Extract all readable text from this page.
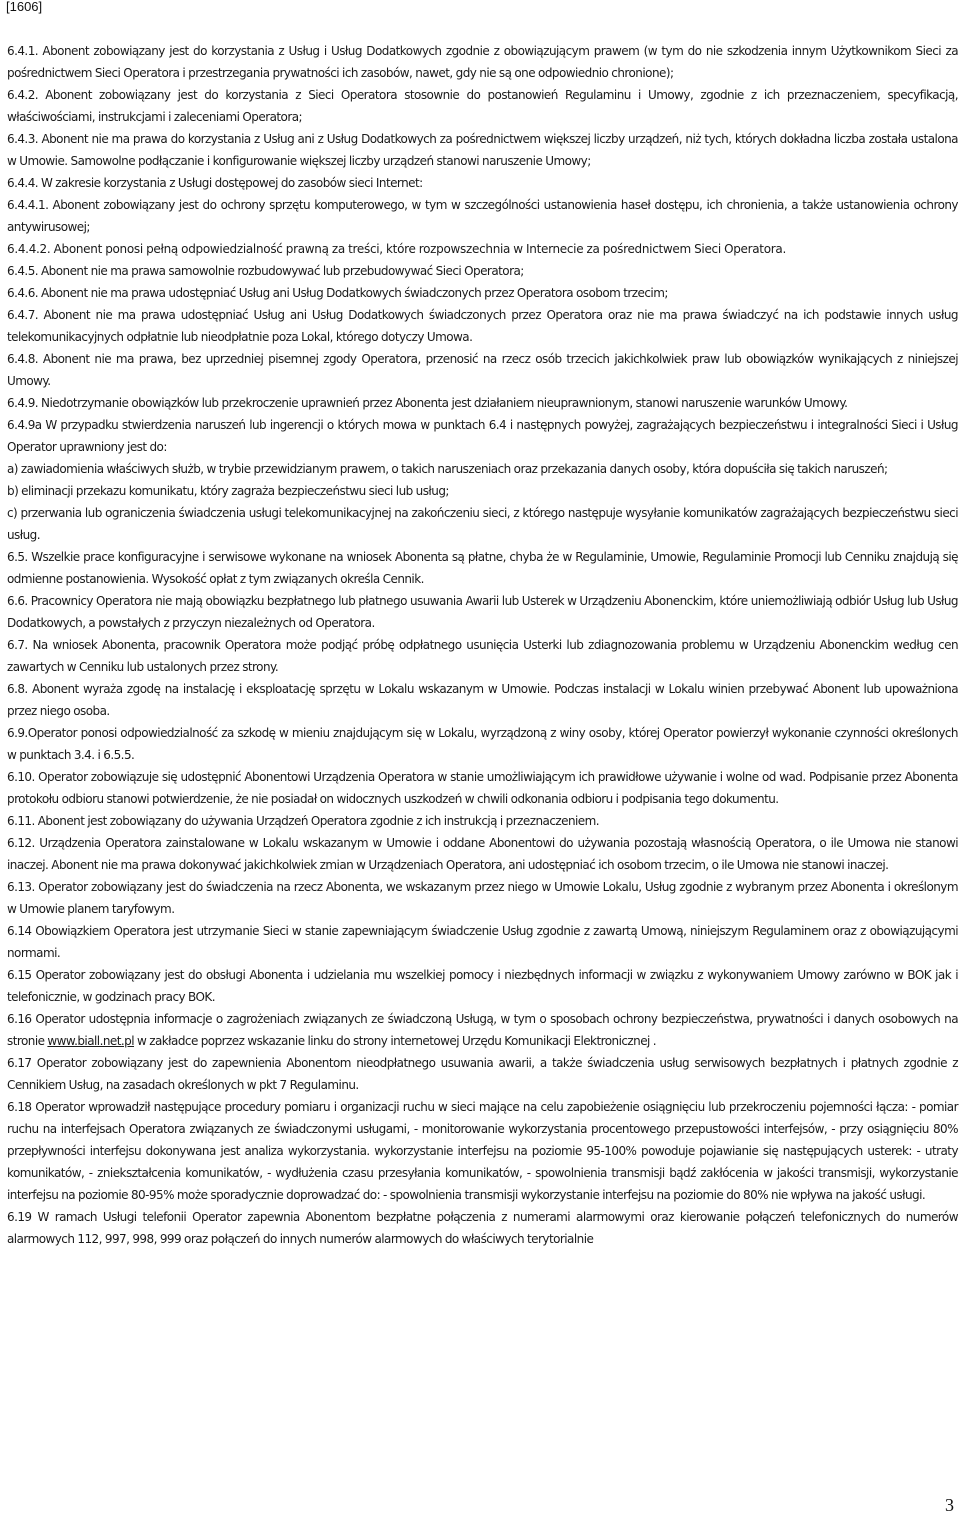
[1606]

6.4.1. Abonent zobowiązany jest do korzystania z Usług i Usług Dodatkowych zgodnie z obowiązującym prawem (w tym do nie szkodzenia innym Użytkownikom Sieci za pośrednictwem Sieci Operatora i przestrzegania prywatności ich zasobów, nawet, gdy nie są one odpowiednio chronione);

6.4.2. Abonent zobowiązany jest do korzystania z Sieci Operatora stosownie do postanowień Regulaminu i Umowy, zgodnie z ich przeznaczeniem, specyfikacją, właściwościami, instrukcjami i zaleceniami Operatora;

6.4.3. Abonent nie ma prawa do korzystania z Usług ani z Usług Dodatkowych za pośrednictwem większej liczby urządzeń, niż tych, których dokładna liczba została ustalona w Umowie. Samowolne podłączanie i konfigurowanie większej liczby urządzeń stanowi naruszenie Umowy;

6.4.4. W zakresie korzystania z Usługi dostępowej do zasobów sieci Internet:

6.4.4.1. Abonent zobowiązany jest do ochrony sprzętu komputerowego, w tym w szczególności ustanowienia haseł dostępu, ich chronienia, a także ustanowienia ochrony antywirusowej;

6.4.4.2. Abonent ponosi pełną odpowiedzialność prawną za treści, które rozpowszechnia w Internecie za pośrednictwem Sieci Operatora.

6.4.5. Abonent nie ma prawa samowolnie rozbudowywać lub przebudowywać Sieci Operatora;

6.4.6. Abonent nie ma prawa udostępniać Usług ani Usług Dodatkowych świadczonych przez Operatora osobom trzecim;

6.4.7. Abonent nie ma prawa udostępniać Usług ani Usług Dodatkowych świadczonych przez Operatora oraz nie ma prawa świadczyć na ich podstawie innych usług telekomunikacyjnych odpłatnie lub nieodpłatnie poza Lokal, którego dotyczy Umowa.

6.4.8. Abonent nie ma prawa, bez uprzedniej pisemnej zgody Operatora, przenosić na rzecz osób trzecich jakichkolwiek praw lub obowiązków wynikających z niniejszej Umowy.

6.4.9. Niedotrzymanie obowiązków lub przekroczenie uprawnień przez Abonenta jest działaniem nieuprawnionym, stanowi naruszenie warunków Umowy.

6.4.9a W przypadku stwierdzenia naruszeń lub ingerencji o których mowa w punktach 6.4 i następnych powyżej, zagrażających bezpieczeństwu i integralności Sieci i Usług Operator uprawniony jest do:

a) zawiadomienia właściwych służb, w trybie przewidzianym prawem, o takich naruszeniach oraz przekazania danych osoby, która dopuściła się takich naruszeń;

b) eliminacji przekazu komunikatu, który zagraża bezpieczeństwu sieci lub usług;

c) przerwania lub ograniczenia świadczenia usługi telekomunikacyjnej na zakończeniu sieci, z którego następuje wysyłanie komunikatów zagrażających bezpieczeństwu sieci usług.

6.5. Wszelkie prace konfiguracyjne i serwisowe wykonane na wniosek Abonenta są płatne, chyba że w Regulaminie, Umowie, Regulaminie Promocji lub Cenniku znajdują się odmienne postanowienia. Wysokość opłat z tym związanych określa Cennik.

6.6. Pracownicy Operatora nie mają obowiązku bezpłatnego lub płatnego usuwania Awarii lub Usterek w Urządzeniu Abonenckim, które uniemożliwiają odbiór Usług lub Usług Dodatkowych, a powstałych z przyczyn niezależnych od Operatora.

6.7. Na wniosek Abonenta, pracownik Operatora może podjąć próbę odpłatnego usunięcia Usterki lub zdiagnozowania problemu w Urządzeniu Abonenckim według cen zawartych w Cenniku lub ustalonych przez strony.

6.8. Abonent wyraża zgodę na instalację i eksploatację sprzętu w Lokalu wskazanym w Umowie. Podczas instalacji w Lokalu winien przebywać Abonent lub upoważniona przez niego osoba.

6.9.Operator ponosi odpowiedzialność za szkodę w mieniu znajdującym się w Lokalu, wyrządzoną z winy osoby, której Operator powierzył wykonanie czynności określonych w punktach 3.4. i 6.5.5.

6.10. Operator zobowiązuje się udostępnić Abonentowi Urządzenia Operatora w stanie umożliwiającym ich prawidłowe używanie i wolne od wad. Podpisanie przez Abonenta protokołu odbioru stanowi potwierdzenie, że nie posiadał on widocznych uszkodzeń w chwili odkonania odbioru i podpisania tego dokumentu.

6.11. Abonent jest zobowiązany do używania Urządzeń Operatora zgodnie z ich instrukcją i przeznaczeniem.

6.12. Urządzenia Operatora zainstalowane w Lokalu wskazanym w Umowie i oddane Abonentowi do używania pozostają własnością Operatora, o ile Umowa nie stanowi inaczej. Abonent nie ma prawa dokonywać jakichkolwiek zmian w Urządzeniach Operatora, ani udostępniać ich osobom trzecim, o ile Umowa nie stanowi inaczej.

6.13. Operator zobowiązany jest do świadczenia na rzecz Abonenta, we wskazanym przez niego w Umowie Lokalu, Usług zgodnie z wybranym przez Abonenta i określonym w Umowie planem taryfowym.

6.14 Obowiązkiem Operatora jest utrzymanie Sieci w stanie zapewniającym świadczenie Usług zgodnie z zawartą Umową, niniejszym Regulaminem oraz z obowiązującymi normami.

6.15 Operator zobowiązany jest do obsługi Abonenta i udzielania mu wszelkiej pomocy i niezbędnych informacji w związku z wykonywaniem Umowy zarówno w BOK jak i telefonicznie, w godzinach pracy BOK.

6.16 Operator udostępnia informacje o zagrożeniach związanych ze świadczoną Usługą, w tym o sposobach ochrony bezpieczeństwa, prywatności i danych osobowych na stronie www.biall.net.pl w zakładce poprzez wskazanie linku do strony internetowej Urzędu Komunikacji Elektronicznej .

6.17 Operator zobowiązany jest do zapewnienia Abonentom nieodpłatnego usuwania awarii, a także świadczenia usług serwisowych bezpłatnych i płatnych zgodnie z Cennikiem Usług, na zasadach określonych w pkt 7 Regulaminu.

6.18 Operator wprowadził następujące procedury pomiaru i organizacji ruchu w sieci mające na celu zapobieżenie osiągnięciu lub przekroczeniu pojemności łącza: - pomiar ruchu na interfejsach Operatora związanych ze świadczonymi usługami, - monitorowanie wykorzystania procentowego przepustowości interfejsów, - przy osiągnięciu 80% przepływności interfejsu dokonywana jest analiza wykorzystania. wykorzystanie interfejsu na poziomie 95-100% powoduje pojawianie się następujących usterek: - utraty komunikatów, - zniekształcenia komunikatów, - wydłużenia czasu przesyłania komunikatów, - spowolnienia transmisji bądź zakłócenia w jakości transmisji, wykorzystanie interfejsu na poziomie 80-95% może sporadycznie doprowadzać do: - spowolnienia transmisji wykorzystanie interfejsu na poziomie do 80% nie wpływa na jakość usługi.

6.19 W ramach Usługi telefonii Operator zapewnia Abonentom bezpłatne połączenia z numerami alarmowymi oraz kierowanie połączeń telefonicznych do numerów alarmowych 112, 997, 998, 999 oraz połączeń do innych numerów alarmowych do właściwych terytorialnie

3
